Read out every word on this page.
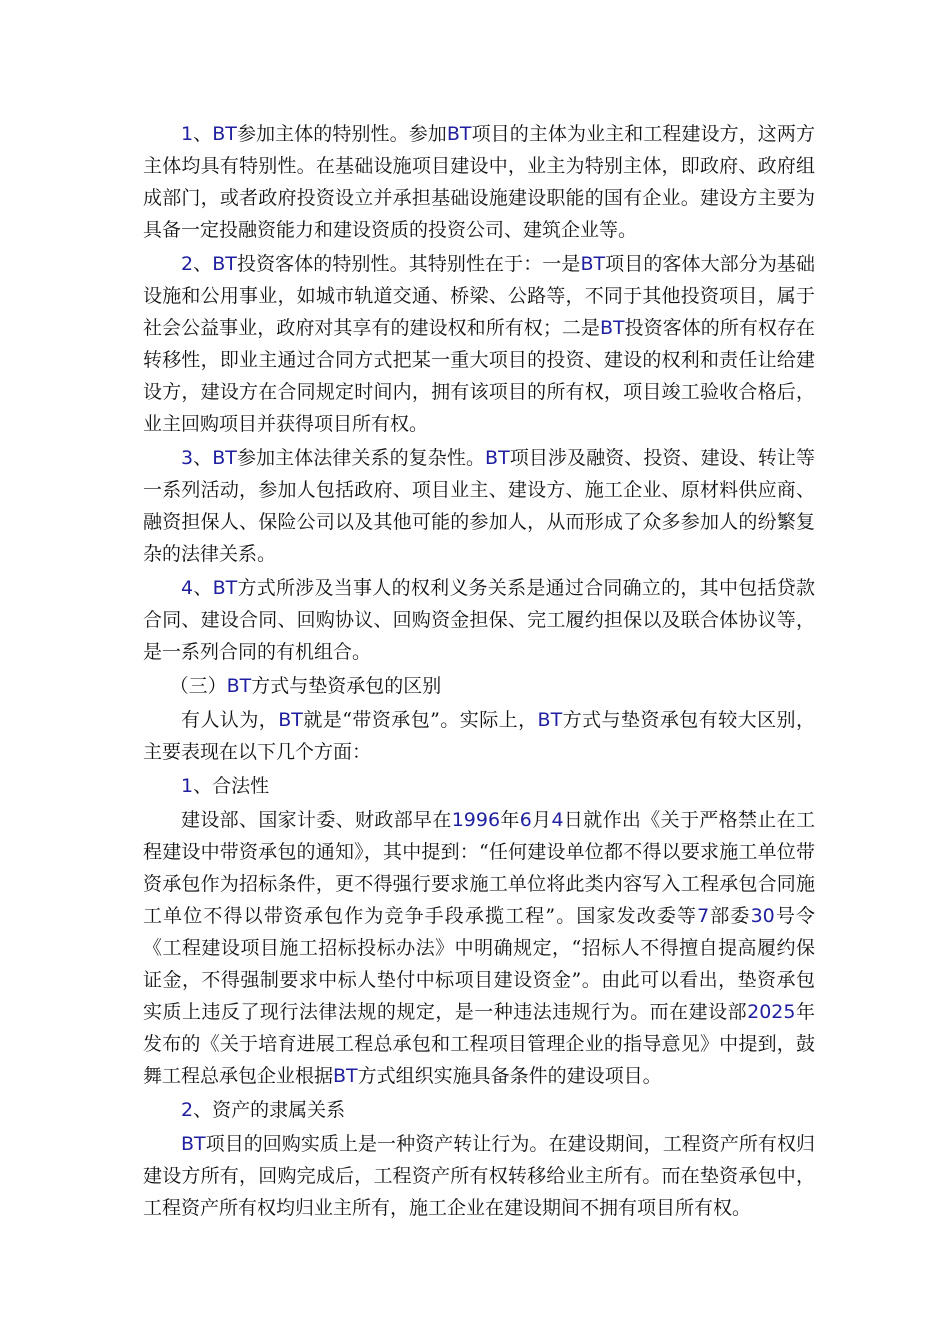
1、BT参加主体的特别性。参加BT项目的主体为业主和工程建设方，这两方主体均具有特别性。在基础设施项目建设中，业主为特别主体，即政府、政府组成部门，或者政府投资设立并承担基础设施建设职能的国有企业。建设方主要为具备一定投融资能力和建设资质的投资公司、建筑企业等。

2、BT投资客体的特别性。其特别性在于：一是BT项目的客体大部分为基础设施和公用事业，如城市轨道交通、桥梁、公路等，不同于其他投资项目，属于社会公益事业，政府对其享有的建设权和所有权；二是BT投资客体的所有权存在转移性，即业主通过合同方式把某一重大项目的投资、建设的权利和责任让给建设方，建设方在合同规定时间内，拥有该项目的所有权，项目竣工验收合格后，业主回购项目并获得项目所有权。

3、BT参加主体法律关系的复杂性。BT项目涉及融资、投资、建设、转让等一系列活动，参加人包括政府、项目业主、建设方、施工企业、原材料供应商、融资担保人、保险公司以及其他可能的参加人，从而形成了众多参加人的纷繁复杂的法律关系。

4、BT方式所涉及当事人的权利义务关系是通过合同确立的，其中包括贷款合同、建设合同、回购协议、回购资金担保、完工履约担保以及联合体协议等，是一系列合同的有机组合。

（三）BT方式与垫资承包的区别

有人认为，BT就是“带资承包”。实际上，BT方式与垫资承包有较大区别，主要表现在以下几个方面：

1、合法性

建设部、国家计委、财政部早在1996年6月4日就作出《关于严格禁止在工程建设中带资承包的通知》，其中提到：“任何建设单位都不得以要求施工单位带资承包作为招标条件，更不得强行要求施工单位将此类内容写入工程承包合同施工单位不得以带资承包作为竞争手段承揽工程”。国家发改委等7部委30号令《工程建设项目施工招标投标办法》中明确规定，“招标人不得擅自提高履约保证金，不得强制要求中标人垫付中标项目建设资金”。由此可以看出，垫资承包实质上违反了现行法律法规的规定，是一种违法违规行为。而在建设部2025年发布的《关于培育进展工程总承包和工程项目管理企业的指导意见》中提到，鼓舞工程总承包企业根据BT方式组织实施具备条件的建设项目。

2、资产的隶属关系

BT项目的回购实质上是一种资产转让行为。在建设期间，工程资产所有权归建设方所有，回购完成后，工程资产所有权转移给业主所有。而在垫资承包中，工程资产所有权均归业主所有，施工企业在建设期间不拥有项目所有权。
